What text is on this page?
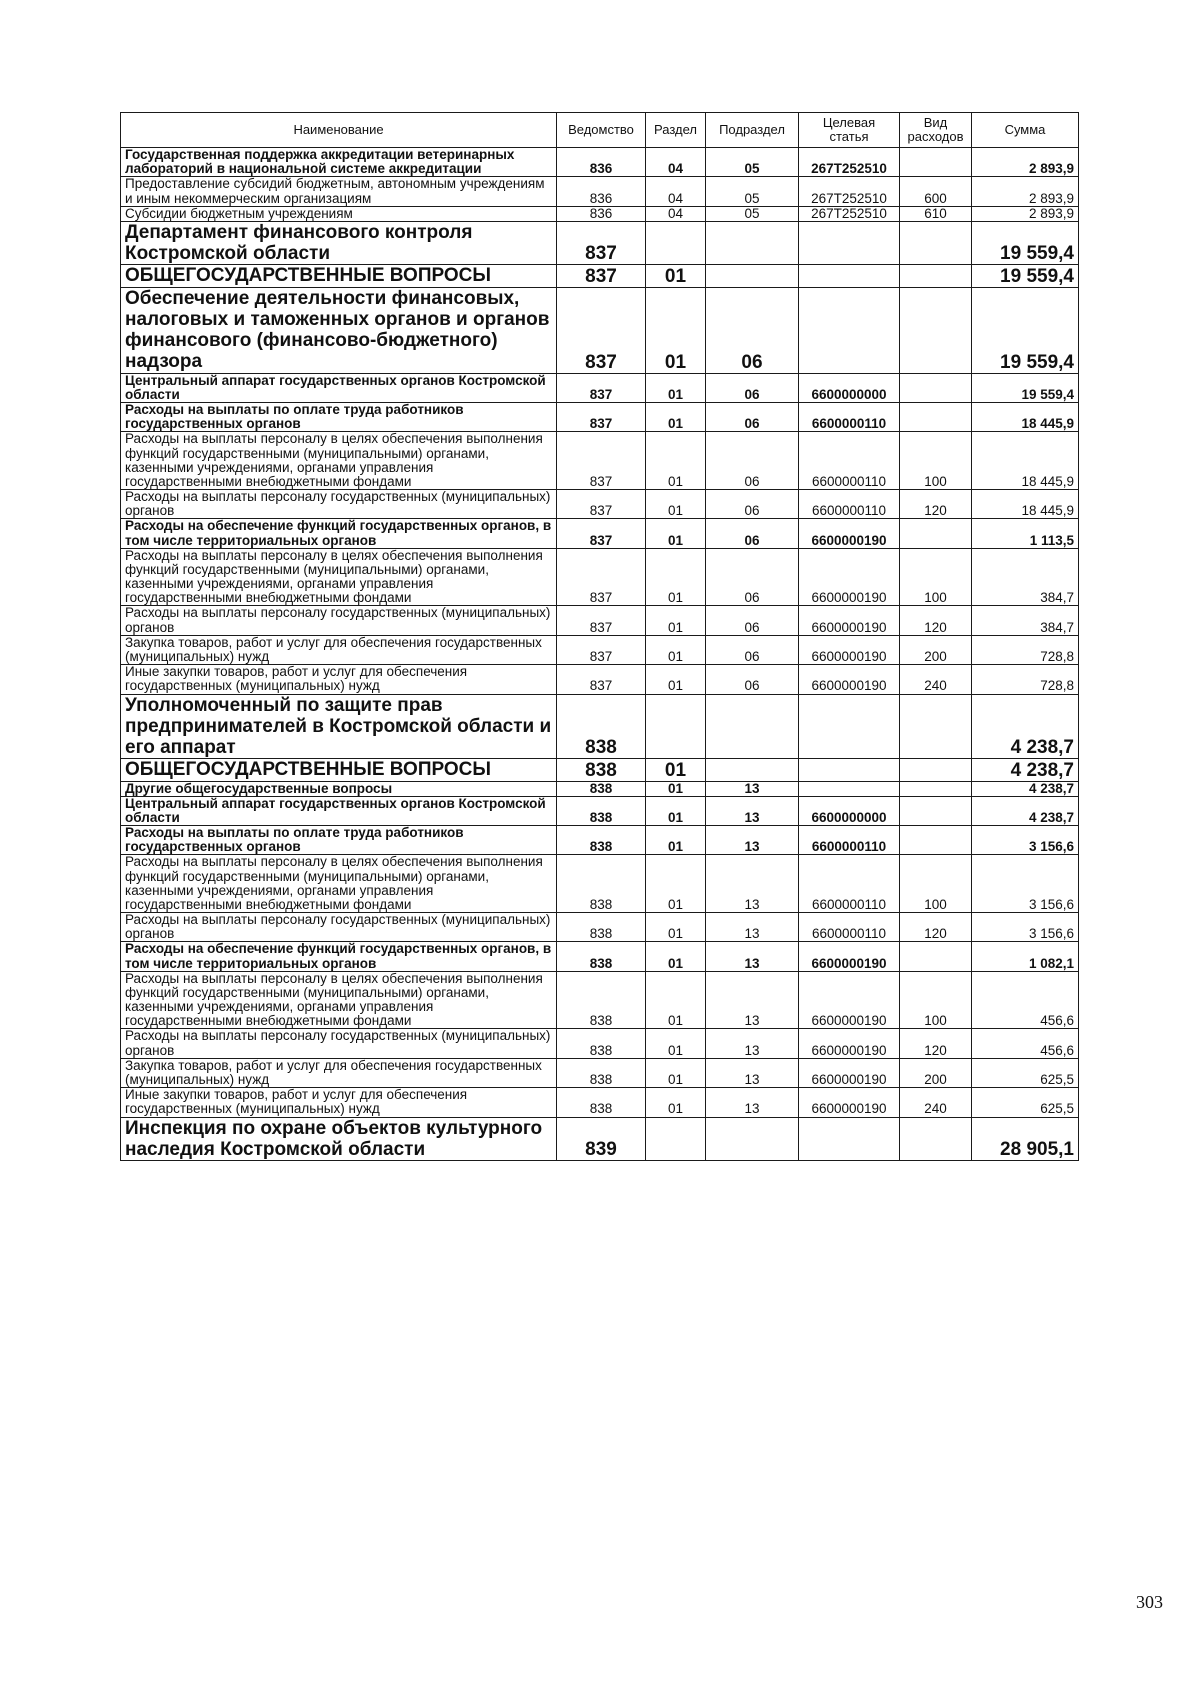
Наименование	Ведомство	Раздел	Подраздел	Целевая статья	Вид расходов	Сумма
Государственная поддержка аккредитации ветеринарных лабораторий в национальной системе аккредитации	836	04	05	267Т252510		2 893,9
Предоставление субсидий бюджетным, автономным учреждениям и иным некоммерческим организациям	836	04	05	267Т252510	600	2 893,9
Субсидии бюджетным учреждениям	836	04	05	267Т252510	610	2 893,9
Департамент финансового контроля Костромской области	837					19 559,4
ОБЩЕГОСУДАРСТВЕННЫЕ ВОПРОСЫ	837	01				19 559,4
Обеспечение деятельности финансовых, налоговых и таможенных органов и органов финансового (финансово-бюджетного) надзора	837	01	06			19 559,4
Центральный аппарат государственных органов Костромской области	837	01	06	6600000000		19 559,4
Расходы на выплаты по оплате труда работников государственных органов	837	01	06	6600000110		18 445,9
Расходы на выплаты персоналу в целях обеспечения выполнения функций государственными (муниципальными) органами, казенными учреждениями, органами управления государственными внебюджетными фондами	837	01	06	6600000110	100	18 445,9
Расходы на выплаты персоналу государственных (муниципальных) органов	837	01	06	6600000110	120	18 445,9
Расходы на обеспечение функций государственных органов, в том числе территориальных органов	837	01	06	6600000190		1 113,5
Расходы на выплаты персоналу в целях обеспечения выполнения функций государственными (муниципальными) органами, казенными учреждениями, органами управления государственными внебюджетными фондами	837	01	06	6600000190	100	384,7
Расходы на выплаты персоналу государственных (муниципальных) органов	837	01	06	6600000190	120	384,7
Закупка товаров, работ и услуг для обеспечения государственных (муниципальных) нужд	837	01	06	6600000190	200	728,8
Иные закупки товаров, работ и услуг для обеспечения государственных (муниципальных) нужд	837	01	06	6600000190	240	728,8
Уполномоченный по защите прав предпринимателей в Костромской области и его аппарат	838					4 238,7
ОБЩЕГОСУДАРСТВЕННЫЕ ВОПРОСЫ	838	01				4 238,7
Другие общегосударственные вопросы	838	01	13			4 238,7
Центральный аппарат государственных органов Костромской области	838	01	13	6600000000		4 238,7
Расходы на выплаты по оплате труда работников государственных органов	838	01	13	6600000110		3 156,6
Расходы на выплаты персоналу в целях обеспечения выполнения функций государственными (муниципальными) органами, казенными учреждениями, органами управления государственными внебюджетными фондами	838	01	13	6600000110	100	3 156,6
Расходы на выплаты персоналу государственных (муниципальных) органов	838	01	13	6600000110	120	3 156,6
Расходы на обеспечение функций государственных органов, в том числе территориальных органов	838	01	13	6600000190		1 082,1
Расходы на выплаты персоналу в целях обеспечения выполнения функций государственными (муниципальными) органами, казенными учреждениями, органами управления государственными внебюджетными фондами	838	01	13	6600000190	100	456,6
Расходы на выплаты персоналу государственных (муниципальных) органов	838	01	13	6600000190	120	456,6
Закупка товаров, работ и услуг для обеспечения государственных (муниципальных) нужд	838	01	13	6600000190	200	625,5
Иные закупки товаров, работ и услуг для обеспечения государственных (муниципальных) нужд	838	01	13	6600000190	240	625,5
Инспекция по охране объектов культурного наследия Костромской области	839					28 905,1
303
